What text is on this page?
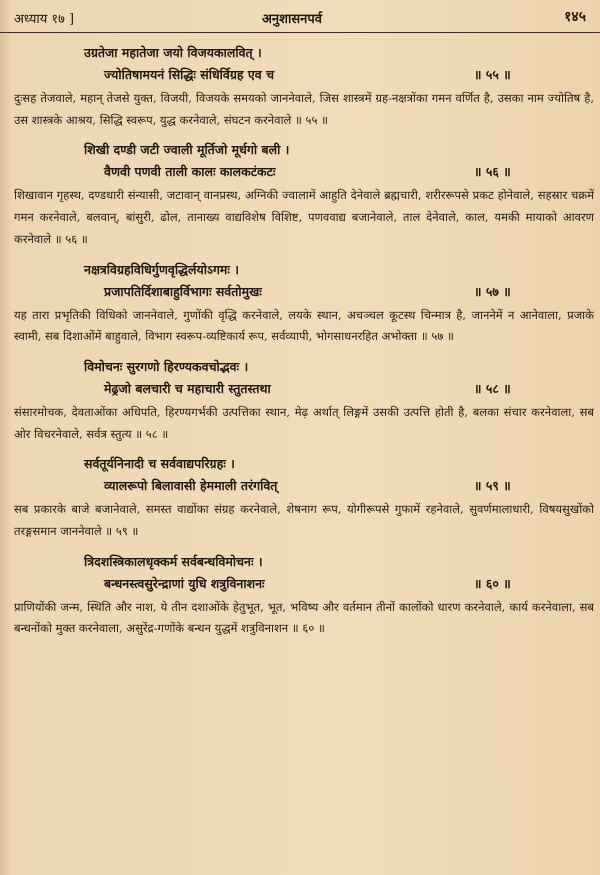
अध्याय १७ ]	अनुशासनपर्व	१४५
उग्रतेजा महातेजा जयो विजयकालवित् ।
ज्योतिषामयनं सिद्धिः संधिर्विग्रह एव च	॥ ५५ ॥

दुःसह तेजवाले, महान् तेजसे युक्त, विजयी, विजयके समयको जाननेवाले, जिस शास्त्रमें ग्रह-नक्षत्रोंका गमन वर्णित है, उसका नाम ज्योतिष है, उस शास्त्रके आश्रय, सिद्धि स्वरूप, युद्ध करनेवाले, संघटन करनेवाले ॥ ५५ ॥

शिखी दण्डी जटी ज्वाली मूर्तिजो मूर्धगो बली ।
वैणवी पणवी ताली कालः कालकटंकटः	॥ ५६ ॥

शिखावान गृहस्थ, दण्डधारी संन्यासी, जटावान् वानप्रस्थ, अग्निकी ज्वालामें आहुति देनेवाले ब्रह्मचारी, शरीररूपसे प्रकट होनेवाले, सहस्रार चक्रमें गमन करनेवाले, बलवान्, बांसुरी, ढोल, तानाख्य वाद्यविशेष विशिष्ट, पणववाद्य बजानेवाले, ताल देनेवाले, काल, यमकी मायाको आवरण करनेवाले ॥ ५६ ॥

नक्षत्रविग्रहविधिर्गुणवृद्धिर्लयोऽगमः ।
प्रजापतिर्दिशाबाहुर्विभागः सर्वतोमुखः	॥ ५७ ॥

यह तारा प्रभृतिकी विधिको जाननेवाले, गुणोंकी वृद्धि करनेवाले, लयके स्थान, अचञ्चल कूटस्थ चिन्मात्र है, जाननेमें न आनेवाला, प्रजाके स्वामी, सब दिशाओंमें बाहुवाले, विभाग स्वरूप-व्यष्टिकार्य रूप, सर्वव्यापी, भोगसाधनरहित अभोक्ता ॥ ५७ ॥

विमोचनः सुरगणो हिरण्यकवचोद्भवः ।
मेढ्रजो बलचारी च महाचारी स्तुतस्तथा	॥ ५८ ॥

संसारमोचक, देवताओंका अधिपति, हिरण्यगर्भकी उत्पत्तिका स्थान, मेढ़ अर्थात् लिङ्गमें उसकी उत्पत्ति होती है, बलका संचार करनेवाला, सब ओर विचरनेवाले, सर्वत्र स्तुत्य ॥ ५८ ॥

सर्वतूर्यनिनादी च सर्ववाद्यपरिग्रहः ।
व्यालरूपो बिलावासी हेममाली तरंगवित्	॥ ५९ ॥

सब प्रकारके बाजे बजानेवाले, समस्त वाद्योंका संग्रह करनेवाले, शेषनाग रूप, योगीरूपसे गुफामें रहनेवाले, सुवर्णमालाधारी, विषयसुखोंको तरङ्गसमान जाननेवाले ॥ ५९ ॥

त्रिदशस्त्रिकालधृक्कर्म सर्वबन्धविमोचनः ।
बन्धनस्त्वसुरेन्द्राणां युधि शत्रुविनाशनः	॥ ६० ॥

प्राणियोंकी जन्म, स्थिति और नाश, ये तीन दशाओंके हेतुभूत, भूत, भविष्य और वर्तमान तीनों कालोंको धारण करनेवाले, कार्य करनेवाला, सब बन्धनोंको मुक्त करनेवाला, असुरेंद्र-गणोंके बन्धन युद्धमें शत्रुविनाशन ॥ ६० ॥
